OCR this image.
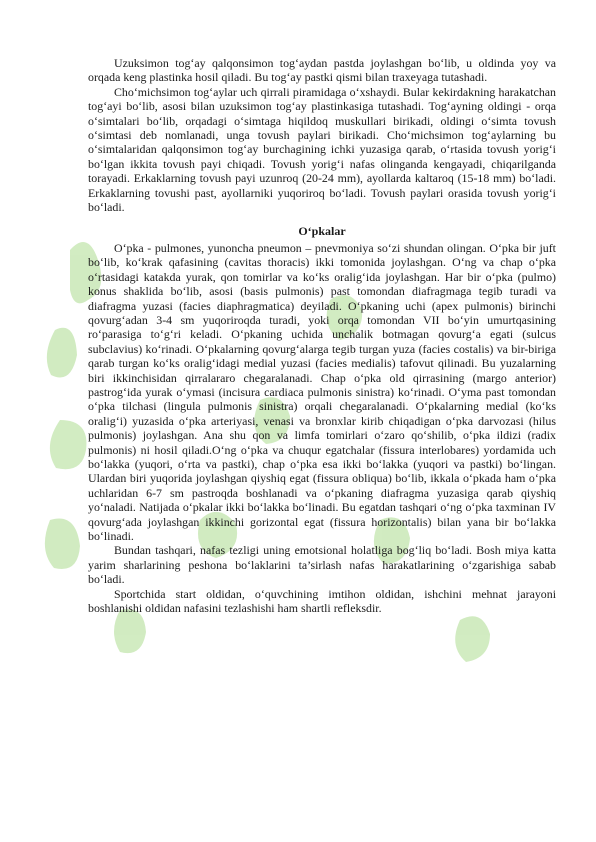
Uzuksimon tog‘ay qalqonsimon tog‘aydan pastda joylashgan bo‘lib, u oldinda yoy va orqada keng plastinka hosil qiladi. Bu tog‘ay pastki qismi bilan traxeyaga tutashadi.

Cho‘michsimon tog‘aylar uch qirrali piramidaga o‘xshaydi. Bular kekirdakning harakatchan tog‘ayi bo‘lib, asosi bilan uzuksimon tog‘ay plastinkasiga tutashadi. Tog‘ayning oldingi - orqa o‘simtalari bo‘lib, orqadagi o‘simtaga hiqildoq muskullari birikadi, oldingi o‘simta tovush o‘simtasi deb nomlanadi, unga tovush paylari birikadi. Cho‘michsimon tog‘aylarning bu o‘simtalaridan qalqonsimon tog‘ay burchagining ichki yuzasiga qarab, o‘rtasida tovush yorig‘i bo‘lgan ikkita tovush payi chiqadi. Tovush yorig‘i nafas olinganda kengayadi, chiqarilganda torayadi. Erkaklarning tovush payi uzunroq (20-24 mm), ayollarda kaltaroq (15-18 mm) bo‘ladi. Erkaklarning tovushi past, ayollarniki yuqoriroq bo‘ladi. Tovush paylari orasida tovush yorig‘i bo‘ladi.

O‘pkalar

O‘pka - pulmones, yunoncha pneumon – pnevmoniya so‘zi shundan olingan. O‘pka bir juft bo‘lib, ko‘krak qafasining (cavitas thoracis) ikki tomonida joylashgan. O‘ng va chap o‘pka o‘rtasidagi katakda yurak, qon tomirlar va ko‘ks oralig‘ida joylashgan. Har bir o‘pka (pulmo) konus shaklida bo‘lib, asosi (basis pulmonis) past tomondan diafragmaga tegib turadi va diafragma yuzasi (facies diaphragmatica) deyiladi. O‘pkaning uchi (apex pulmonis) birinchi qovurg‘adan 3-4 sm yuqoriroqda turadi, yoki orqa tomondan VII bo‘yin umurtqasining ro‘parasiga to‘g‘ri keladi. O‘pkaning uchida unchalik botmagan qovurg‘a egati (sulcus subclavius) ko‘rinadi. O‘pkalarning qovurg‘alarga tegib turgan yuza (facies costalis) va bir-biriga qarab turgan ko‘ks oralig‘idagi medial yuzasi (facies medialis) tafovut qilinadi. Bu yuzalarning biri ikkinchisidan qirralararo chegaralanadi. Chap o‘pka old qirrasining (margo anterior) pastrog‘ida yurak o‘ymasi (incisura cardiaca pulmonis sinistra) ko‘rinadi. O‘yma past tomondan o‘pka tilchasi (lingula pulmonis sinistra) orqali chegaralanadi. O‘pkalarning medial (ko‘ks oralig‘i) yuzasida o‘pka arteriyasi, venasi va bronxlar kirib chiqadigan o‘pka darvozasi (hilus pulmonis) joylashgan. Ana shu qon va limfa tomirlari o‘zaro qo‘shilib, o‘pka ildizi (radix pulmonis) ni hosil qiladi.O‘ng o‘pka va chuqur egatchalar (fissura interlobares) yordamida uch bo‘lakka (yuqori, o‘rta va pastki), chap o‘pka esa ikki bo‘lakka (yuqori va pastki) bo‘lingan. Ulardan biri yuqorida joylashgan qiyshiq egat (fissura obliqua) bo‘lib, ikkala o‘pkada ham o‘pka uchlaridan 6-7 sm pastroqda boshlanadi va o‘pkaning diafragma yuzasiga qarab qiyshiq yo‘naladi. Natijada o‘pkalar ikki bo‘lakka bo‘linadi. Bu egatdan tashqari o‘ng o‘pka taxminan IV qovurg‘ada joylashgan ikkinchi gorizontal egat (fissura horizontalis) bilan yana bir bo‘lakka bo‘linadi.

Bundan tashqari, nafas tezligi uning emotsional holatliga bog‘liq bo‘ladi. Bosh miya katta yarim sharlarining peshona bo‘laklarini ta’sirlash nafas harakatlarining o‘zgarishiga sabab bo‘ladi.

Sportchida start oldidan, o‘quvchining imtihon oldidan, ishchini mehnat jarayoni boshlanishi oldidan nafasini tezlashishi ham shartli refleksdir.
